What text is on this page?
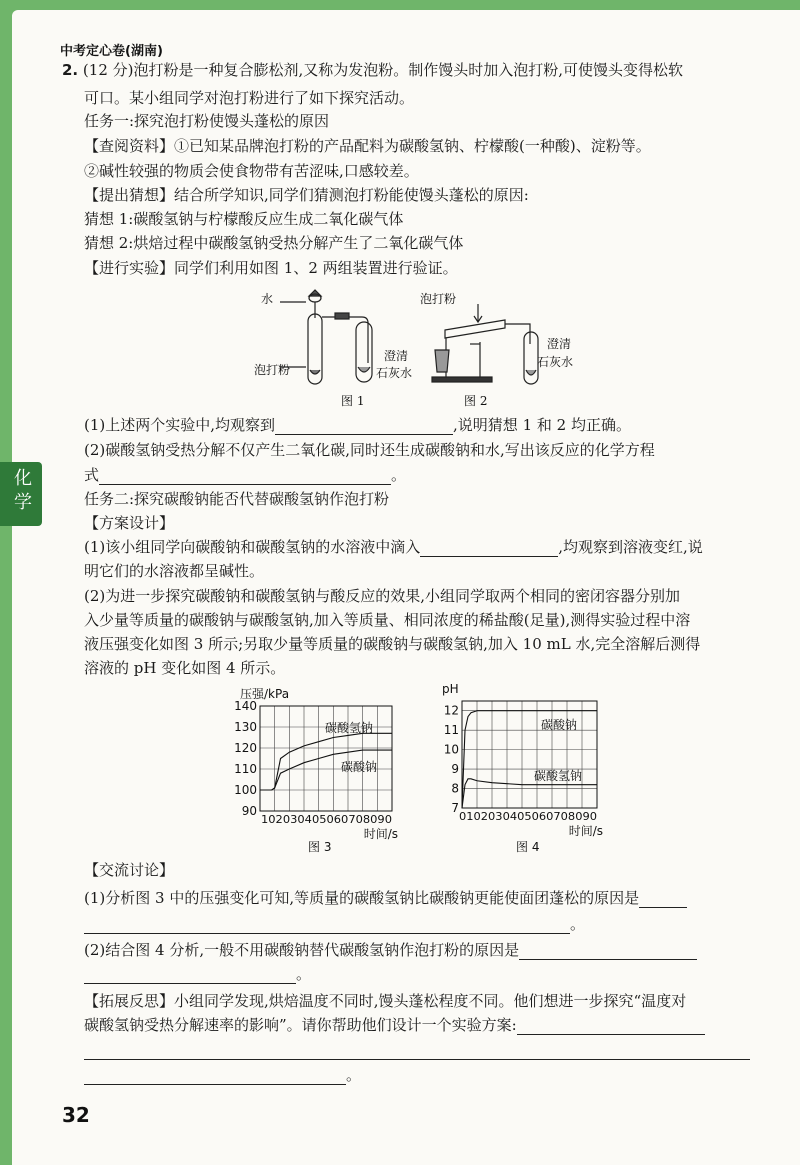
化学
中考定心卷(湖南)
2. (12 分)泡打粉是一种复合膨松剂,又称为发泡粉。制作馒头时加入泡打粉,可使馒头变得松软
可口。某小组同学对泡打粉进行了如下探究活动。
任务一:探究泡打粉使馒头蓬松的原因
【查阅资料】①已知某品牌泡打粉的产品配料为碳酸氢钠、柠檬酸(一种酸)、淀粉等。
②碱性较强的物质会使食物带有苦涩味,口感较差。
【提出猜想】结合所学知识,同学们猜测泡打粉能使馒头蓬松的原因:
猜想 1:碳酸氢钠与柠檬酸反应生成二氧化碳气体
猜想 2:烘焙过程中碳酸氢钠受热分解产生了二氧化碳气体
【进行实验】同学们利用如图 1、2 两组装置进行验证。
水
泡打粉
澄清
石灰水
图 1
泡打粉
澄清
石灰水
图 2
(1)上述两个实验中,均观察到	,说明猜想 1 和 2 均正确。
(2)碳酸氢钠受热分解不仅产生二氧化碳,同时还生成碳酸钠和水,写出该反应的化学方程
式	。
任务二:探究碳酸钠能否代替碳酸氢钠作泡打粉
【方案设计】
(1)该小组同学向碳酸钠和碳酸氢钠的水溶液中滴入	,均观察到溶液变红,说
明它们的水溶液都呈碱性。
(2)为进一步探究碳酸钠和碳酸氢钠与酸反应的效果,小组同学取两个相同的密闭容器分别加
入少量等质量的碳酸钠与碳酸氢钠,加入等质量、相同浓度的稀盐酸(足量),测得实验过程中溶
液压强变化如图 3 所示;另取少量等质量的碳酸钠与碳酸氢钠,加入 10 mL 水,完全溶解后测得
溶液的 pH 变化如图 4 所示。
90
100
110
120
130
140
102030405060708090
时间/s
压强/kPa
碳酸氢钠
碳酸钠
图 3
7
8
9
10
11
12
0102030405060708090
时间/s
pH
碳酸钠
碳酸氢钠
图 4
【交流讨论】
(1)分析图 3 中的压强变化可知,等质量的碳酸氢钠比碳酸钠更能使面团蓬松的原因是
。
(2)结合图 4 分析,一般不用碳酸钠替代碳酸氢钠作泡打粉的原因是
。
【拓展反思】小组同学发现,烘焙温度不同时,馒头蓬松程度不同。他们想进一步探究“温度对
碳酸氢钠受热分解速率的影响”。请你帮助他们设计一个实验方案:
。
32
